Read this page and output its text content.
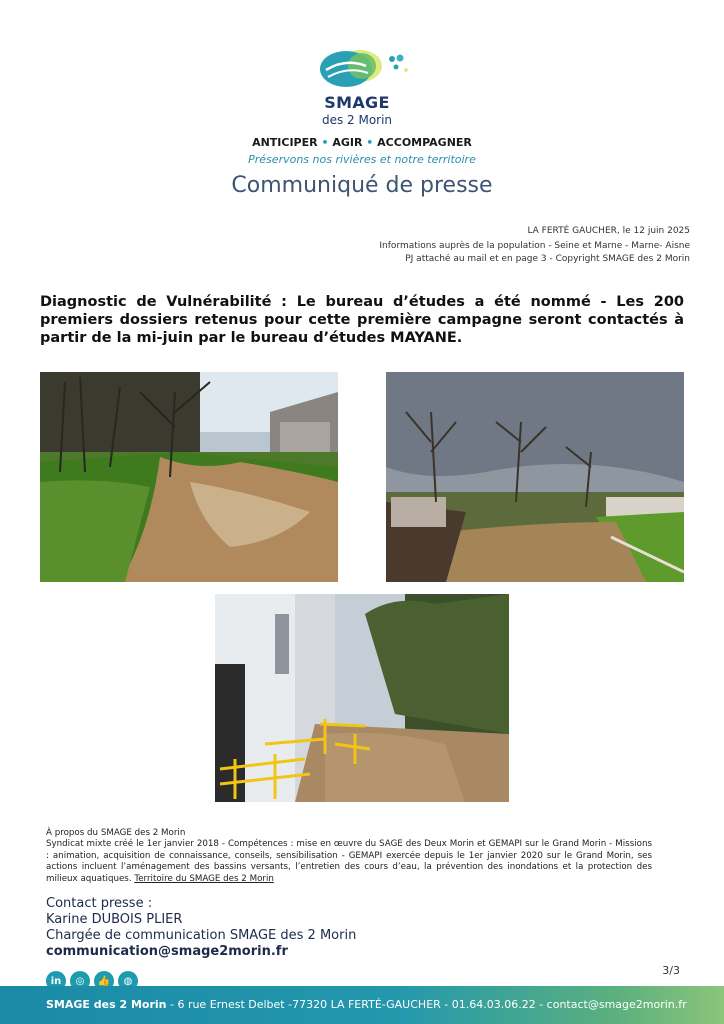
SMAGE
des 2 Morin
ANTICIPER • AGIR • ACCOMPAGNER
Préservons nos rivières et notre territoire
Communiqué de presse
LA FERTÉ GAUCHER, le 12 juin 2025
Informations auprès de la population - Seine et Marne - Marne- Aisne
PJ attaché au mail et en page 3 - Copyright SMAGE des 2 Morin
Diagnostic de Vulnérabilité : Le bureau d’études a été nommé - Les 200 premiers dossiers retenus pour cette première campagne seront contactés à partir de la mi-juin par le bureau d’études MAYANE.
À propos du SMAGE des 2 Morin
Syndicat mixte créé le 1er janvier 2018 - Compétences : mise en œuvre du SAGE des Deux Morin et GEMAPI sur le Grand Morin - Missions : animation, acquisition de connaissance, conseils, sensibilisation - GEMAPI exercée depuis le 1er janvier 2020 sur le Grand Morin, ses actions incluent l’aménagement des bassins versants, l’entretien des cours d’eau, la prévention des inondations et la protection des milieux aquatiques. Territoire du SMAGE des 2 Morin
Contact presse :
Karine DUBOIS PLIER
Chargée de communication SMAGE des 2 Morin
communication@smage2morin.fr
in	◎	👍	◍
3/3
SMAGE des 2 Morin - 6 rue Ernest Delbet -77320 LA FERTÉ-GAUCHER - 01.64.03.06.22 - contact@smage2morin.fr
